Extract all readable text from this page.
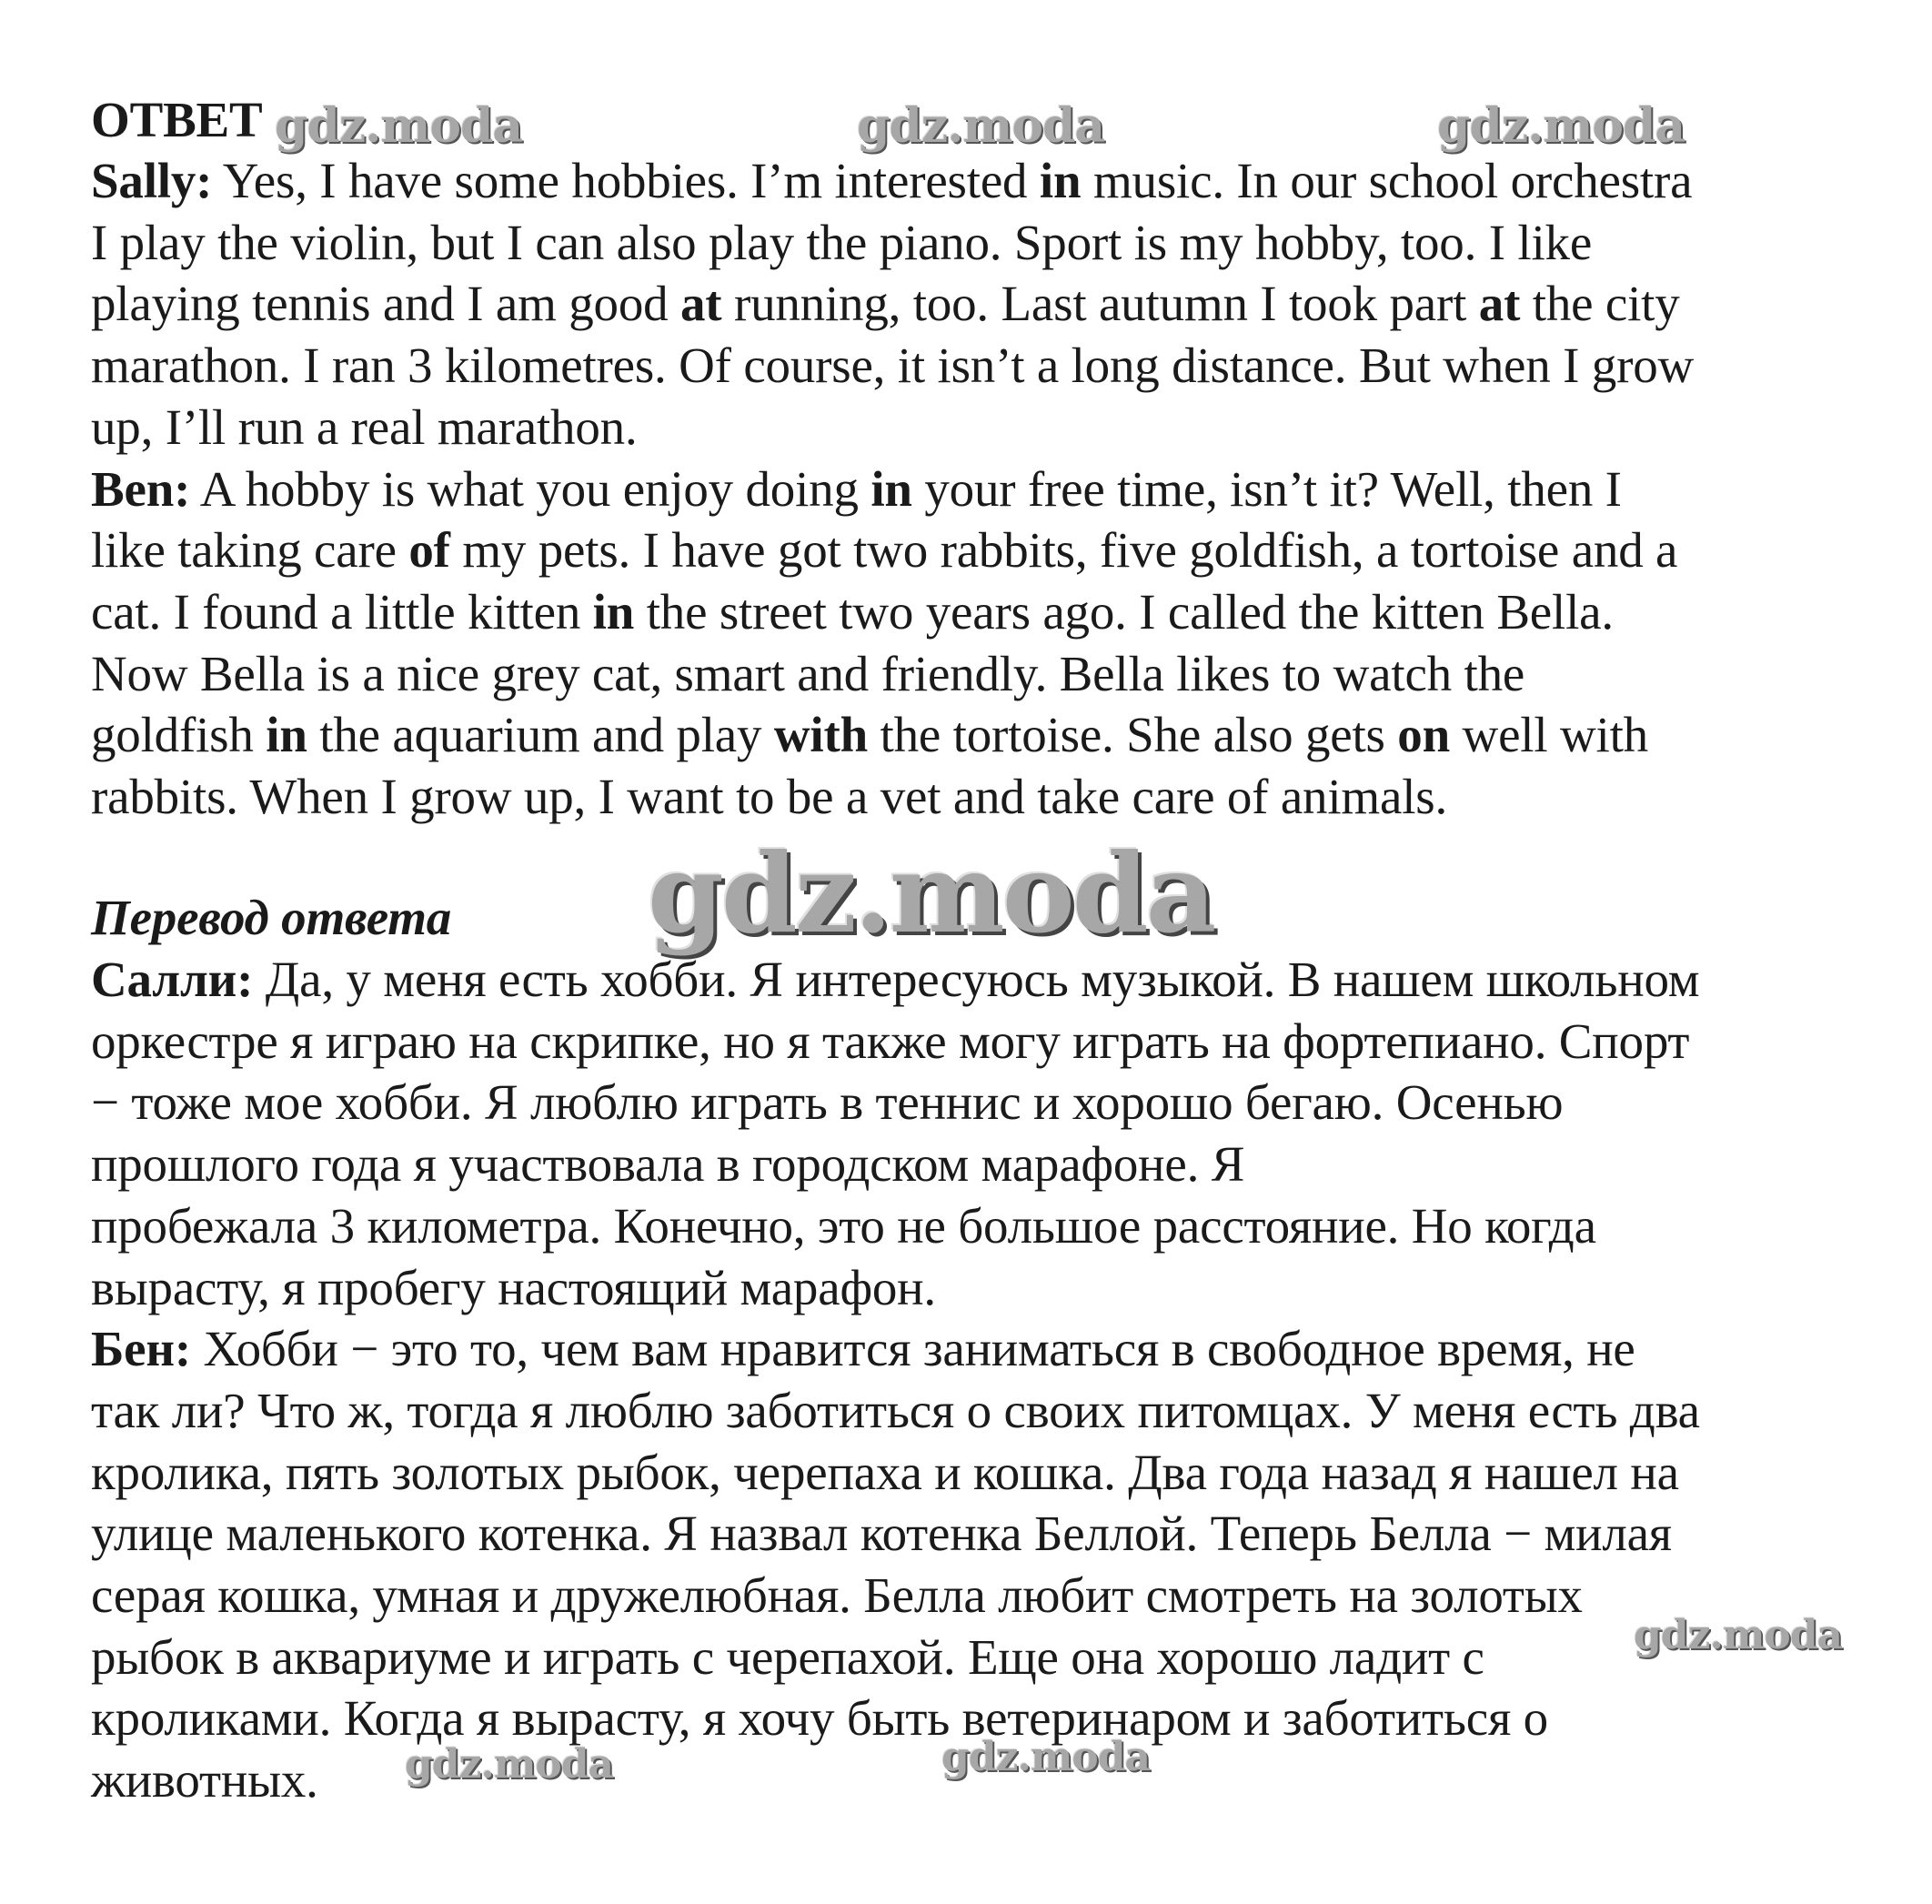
ОТВЕТ
Sally: Yes, I have some hobbies. I’m interested in music. In our school orchestra
I play the violin, but I can also play the piano. Sport is my hobby, too. I like
playing tennis and I am good at running, too. Last autumn I took part at the city
marathon. I ran 3 kilometres. Of course, it isn’t a long distance. But when I grow
up, I’ll run a real marathon.
Ben: A hobby is what you enjoy doing in your free time, isn’t it? Well, then I
like taking care of my pets. I have got two rabbits, five goldfish, a tortoise and a
cat. I found a little kitten in the street two years ago. I called the kitten Bella.
Now Bella is a nice grey cat, smart and friendly. Bella likes to watch the
goldfish in the aquarium and play with the tortoise. She also gets on well with
rabbits. When I grow up, I want to be a vet and take care of animals.
Перевод ответа
Салли: Да, у меня есть хобби. Я интересуюсь музыкой. В нашем школьном
оркестре я играю на скрипке, но я также могу играть на фортепиано. Спорт
− тоже мое хобби. Я люблю играть в теннис и хорошо бегаю. Осенью
прошлого года я участвовала в городском марафоне. Я
пробежала 3 километра. Конечно, это не большое расстояние. Но когда
вырасту, я пробегу настоящий марафон.
Бен: Хобби − это то, чем вам нравится заниматься в свободное время, не
так ли? Что ж, тогда я люблю заботиться о своих питомцах. У меня есть два
кролика, пять золотых рыбок, черепаха и кошка. Два года назад я нашел на
улице маленького котенка. Я назвал котенка Беллой. Теперь Белла − милая
серая кошка, умная и дружелюбная. Белла любит смотреть на золотых
рыбок в аквариуме и играть с черепахой. Еще она хорошо ладит с
кроликами. Когда я вырасту, я хочу быть ветеринаром и заботиться о
животных.
gdz.moda	gdz.moda	gdz.moda
gdz.moda
gdz.moda
gdz.moda	gdz.moda
